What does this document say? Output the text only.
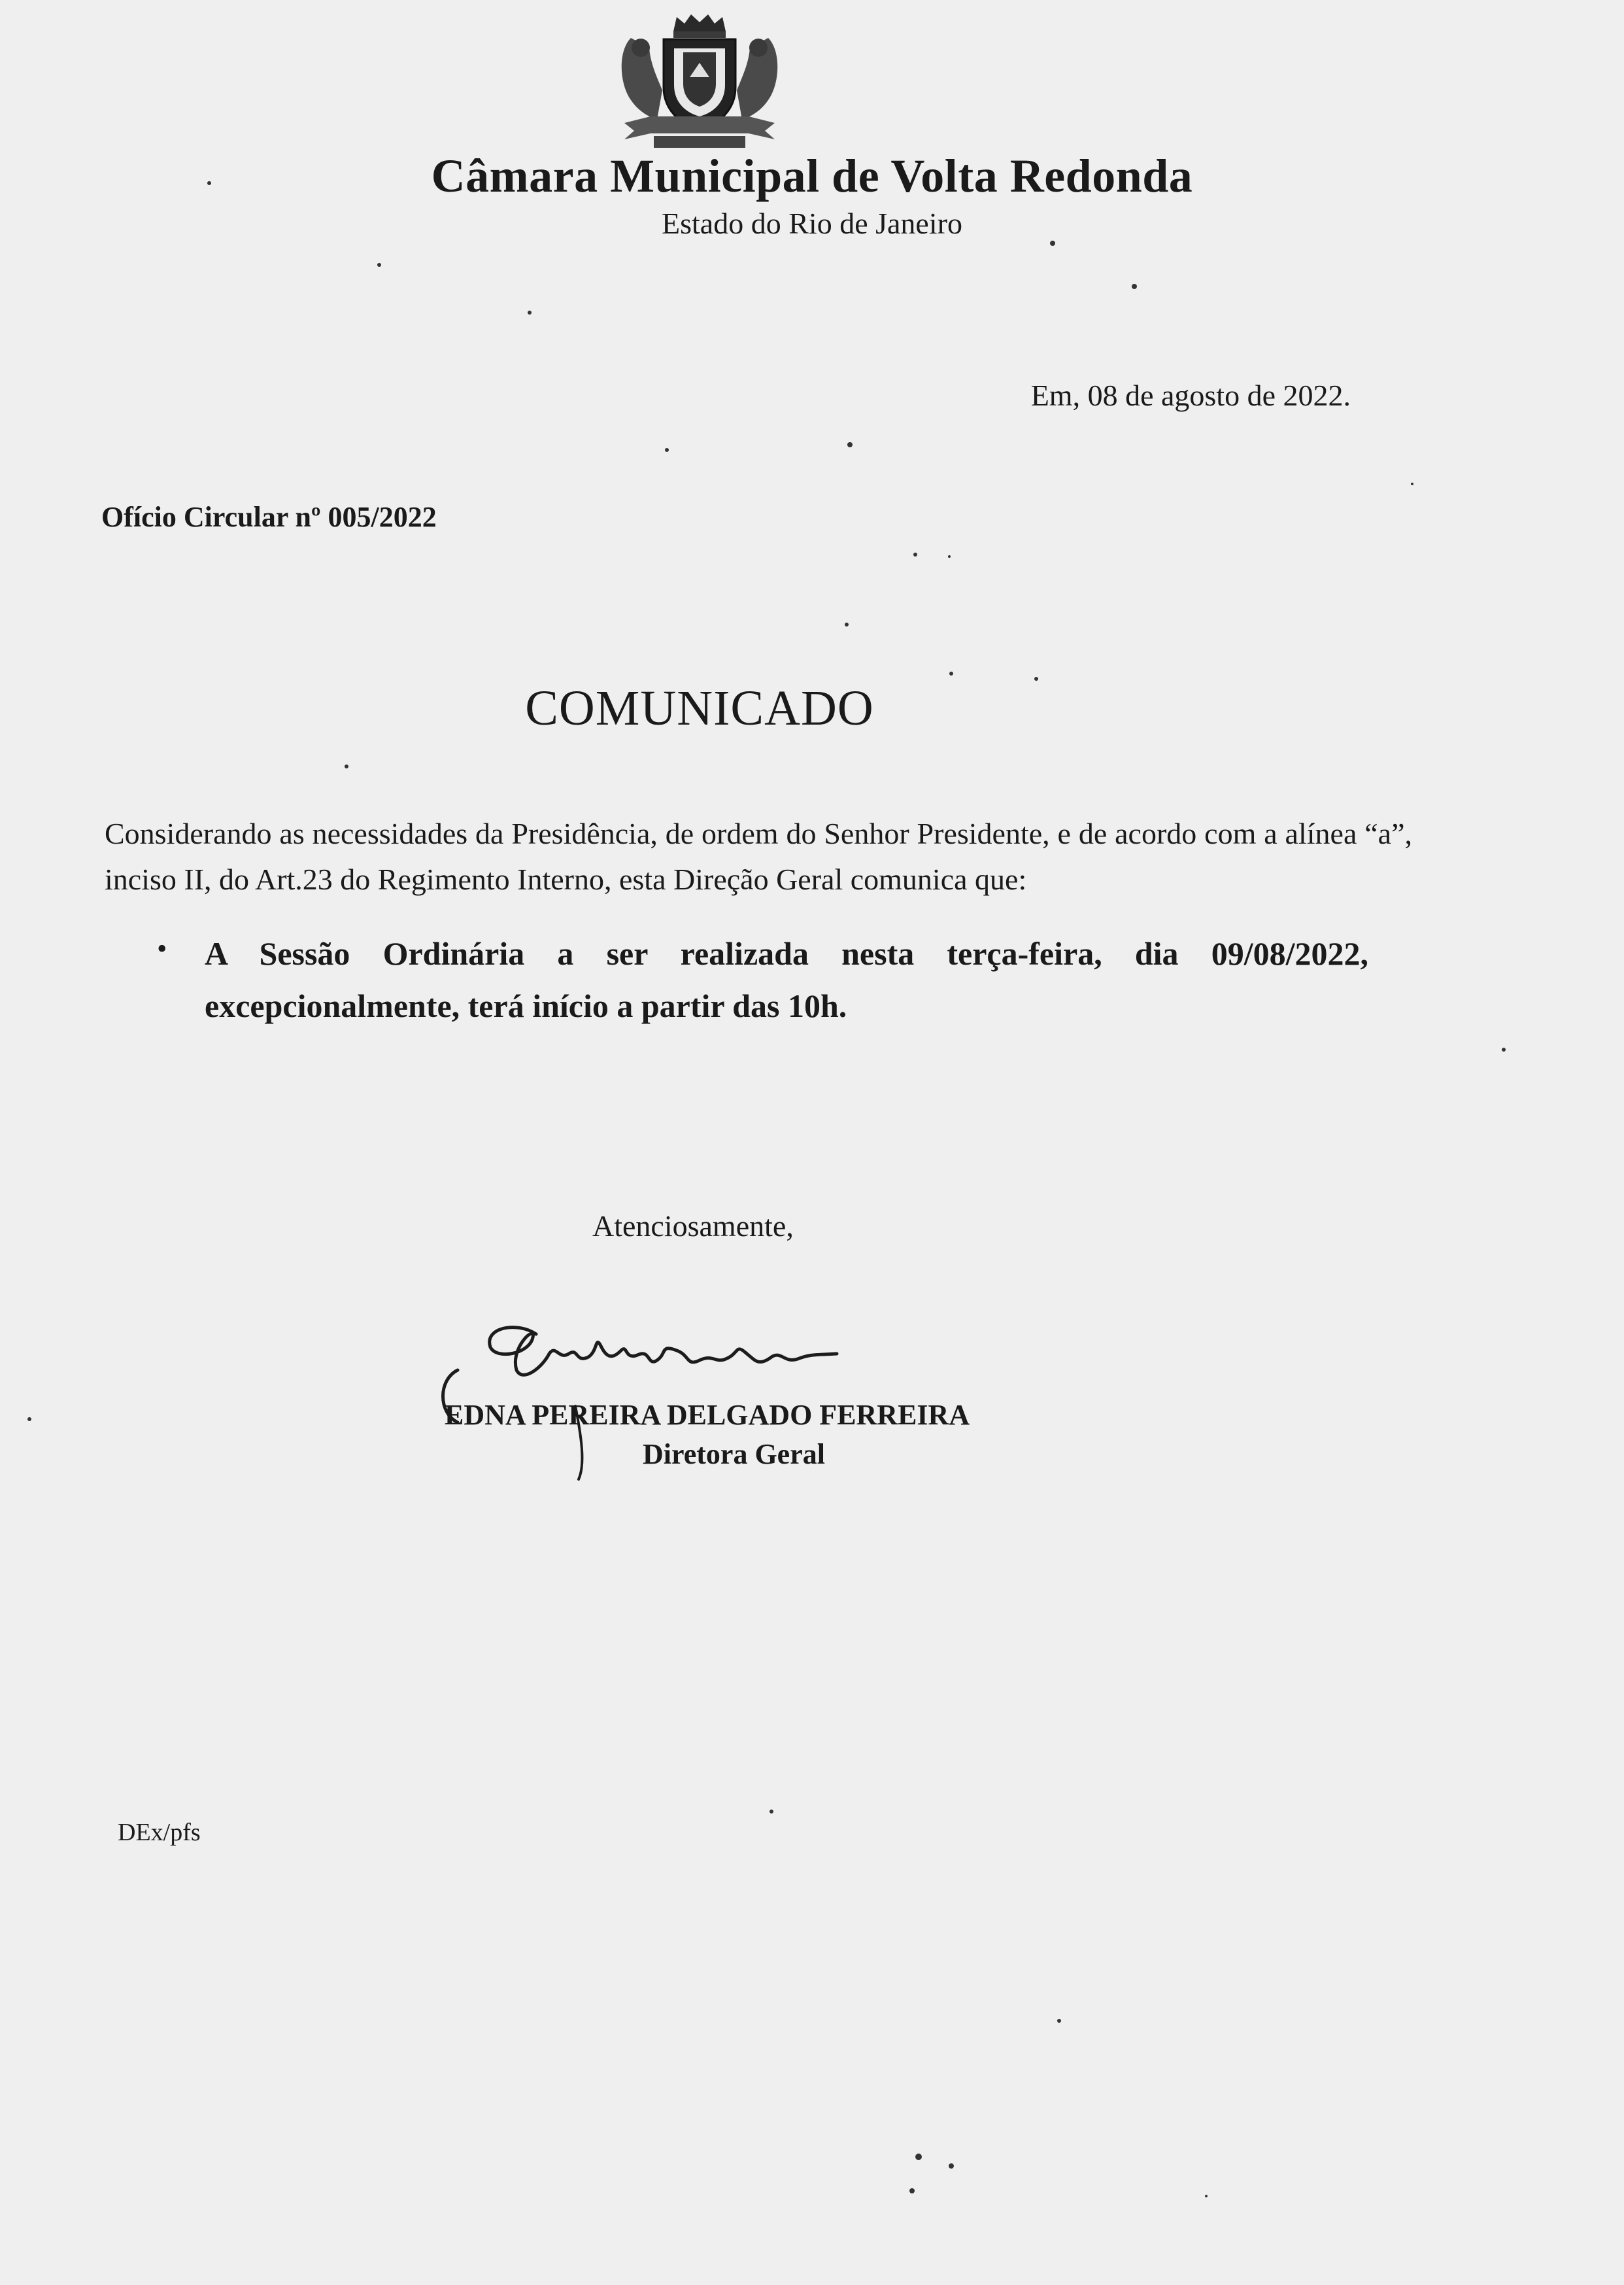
Câmara Municipal de Volta Redonda
Estado do Rio de Janeiro
Em, 08 de agosto de 2022.
Ofício Circular nº 005/2022
COMUNICADO
Considerando as necessidades da Presidência, de ordem do Senhor Presidente, e de acordo com a alínea “a”, inciso II, do Art.23 do Regimento Interno, esta Direção Geral comunica que:
• A Sessão Ordinária a ser realizada nesta terça-feira, dia 09/08/2022, excepcionalmente, terá início a partir das 10h.
Atenciosamente,
EDNA PEREIRA DELGADO FERREIRA
Diretora Geral
DEx/pfs
